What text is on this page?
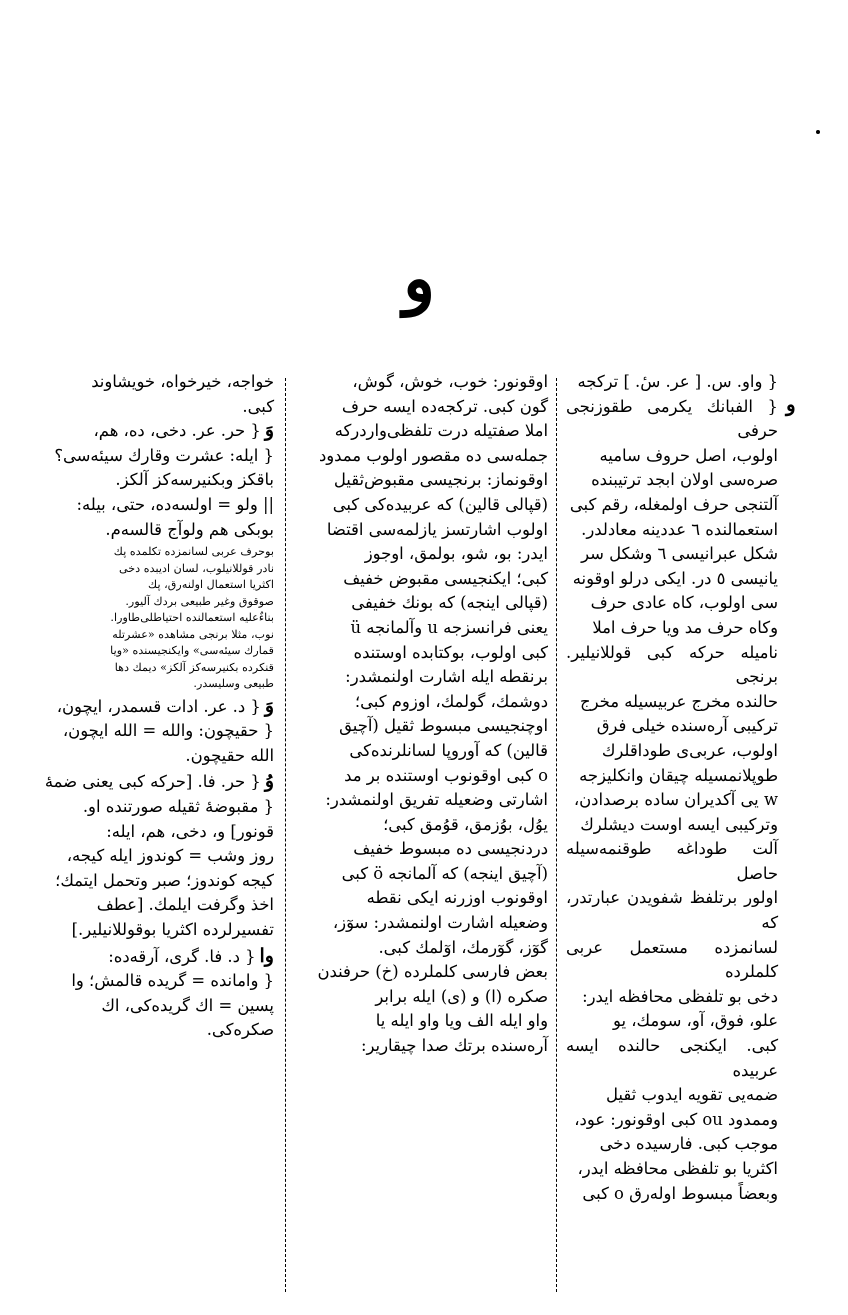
و
و
{ واو. س. [ عر. سٔ. ] تركجه
{ الفبانك يكرمى طقوزنجى حرفى
اولوب، اصل حروف ساميه
صره‌سى اولان ابجد ترتيبنده
آلتنجى حرف اولمغله، رقم كبى
استعمالنده ٦ عددينه معادلدر.
شكل عبرانيسى ٦ وشكل سر
يانيسى ٥ در. ايكى درلو اوقونه
سى اولوب، كاه عادى حرف
وكاه حرف مد ويا حرف املا
ناميله حركه كبى قوللانيلير. برنجى
حالنده مخرج عربيسيله مخرج
تركيبى آره‌سنده خيلى فرق
اولوب، عربى‌ى طوداقلرك
طوپلانمسيله چيقان وانكليزجه
w يى آكديران ساده برصدادن،
وتركيبى ايسه اوست ديشلرك
آلت طوداغه طوقنمه‌سيله حاصل
اولور برتلفظ شفويدن عبارتدر، كه
لسانمزده مستعمل عربى كلملرده
دخى بو تلفظى محافظه ايدر:
علو، فوق، آو، سومك، يو
كبى. ايكنجى حالنده ايسه عربيده
ضمه‌يى تقويه ايدوب ثقيل
وممدود ou كبى اوقونور: عود،
موجب كبى. فارسيده دخى
اكثريا بو تلفظى محافظه ايدر،
وبعضاً مبسوط اولەرق o كبى
اوقونور: خوب، خوش، گوش،
گون كبى. تركجه‌ده ايسه حرف
املا صفتيله درت تلفظى‌واردركه
جمله‌سى ده مقصور اولوب ممدود
اوقونماز: برنجيسى مقبوض‌ثقيل
(قپالى قالين) كه عربيده‌كى كبى
اولوب اشارتسز يازلمه‌سى اقتضا
ايدر: بو، شو، بولمق، اوجوز
كبى؛ ايكنجيسى مقبوض خفيف
(قپالى اينجه) كه بونك خفيفى
يعنى فرانسزجه u وآلمانجه ü
كبى اولوب، بوكتابده اوستنده
برنقطه ايله اشارت اولنمشدر:
دوشمك، گولمك، اوزوم كبى؛
اوچنجيسى مبسوط ثقيل (آچيق
قالين) كه آوروپا لسانلرنده‌كى
o كبى اوقونوب اوستنده بر مد
اشارتى وضعيله تفريق اولنمشدر:
يوُل، بوُزمق، قوُمق كبى؛
دردنجيسى ده مبسوط خفيف
(آچيق اينجه) كه آلمانجه ö كبى
اوقونوب اوزرنه ايكى نقطه
وضعيله اشارت اولنمشدر: سوٓز،
گوٓز، گوٓرمك، اوٓلمك كبى.
بعض فارسى كلملرده (خ) حرفندن
صكره (ا) و (ى) ايله برابر
واو ايله الف ويا واو ايله يا
آره‌سنده برتك صدا چيقارير:
خواجه، خيرخواه، خويشاوند
كبى.
وَ
{ حر. عر. دخى، ده، هم،
{ ايله: عشرت وقارك سيئه‌سى؟
باقكز وبكنيرسه‌كز آلكز.
|| ولو = اولسه‌ده، حتى، بيله:
بوبكى هم ولوآج قالسه‌م.
بوحرف عربى لسانمزده تكلمده پك
نادر قوللانيلوب، لسان اديبده دخى
اكثريا استعمال اولنه‌رق، پك
صوقوق وغير طبيعى بردك آليور.
بناءٌعليه استعمالنده احتياطلى‌طاورا.
نوب، مثلا برنجى مشاهده «عشرتله
قمارك سيئه‌سى» وايكنجيسنده «ويا
قنكرده بكنيرسه‌كز آلكز» ديمك دها
طبيعى وسليسدر.
وَ
{ د. عر. ادات قسمدر، ايچون،
{ حقيچون: والله = الله ايچون،
الله حقيچون.
وُ
{ حر. فا. [حركه كبى يعنى ضمهٔ
{ مقبوضهٔ ثقيله صورتنده او.
قونور] و، دخى، هم، ايله:
روز وشب = كوندوز ايله كيجه،
كيجه كوندوز؛ صبر وتحمل ايتمك؛
اخذ وگرفت ايلمك. [عطف
تفسيرلرده اكثريا بوقوللانيلير.]
وا
{ د. فا. گرى، آرقه‌ده:
{ وامانده = گريده قالمش؛ وا
پسين = اك گريده‌كى، اك
صكره‌كى.
